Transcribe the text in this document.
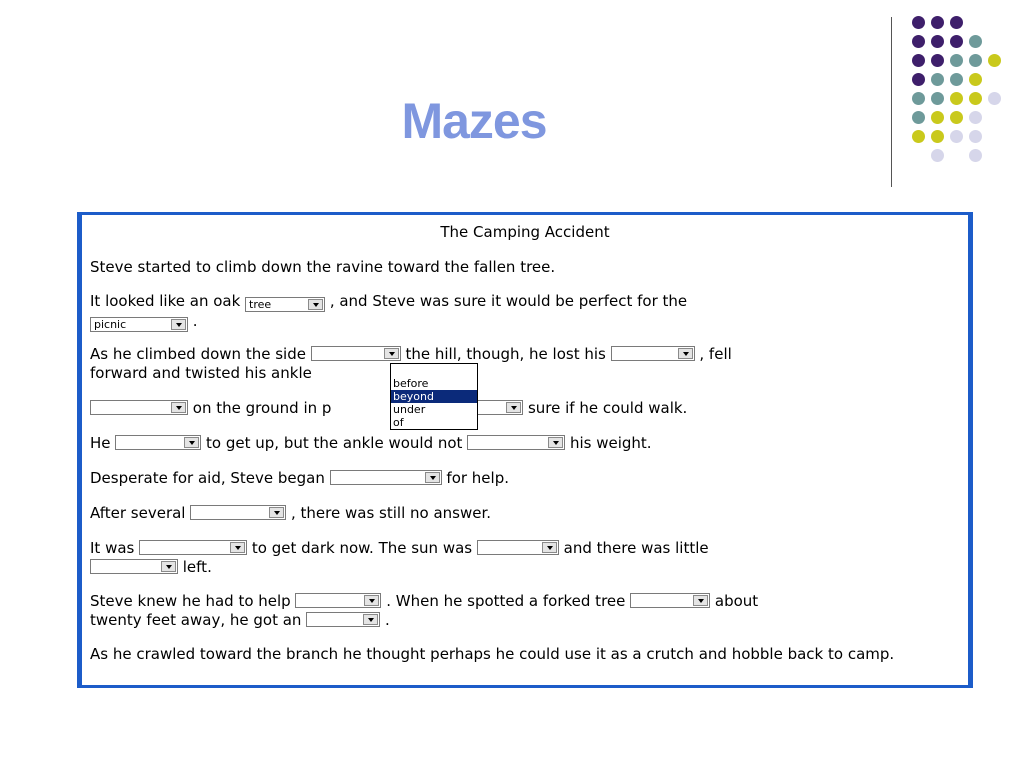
Mazes

The Camping Accident

Steve started to climb down the ravine toward the fallen tree.

It looked like an oak tree	, and Steve was sure it would be perfect for the
picnic	.

As he climbed down the side	the hill, though, he lost his	, fell
forward and twisted his ankle

on the ground in p	sure if he could walk.

He	to get up, but the ankle would not	his weight.

Desperate for aid, Steve began	for help.

After several	, there was still no answer.

It was	to get dark now. The sun was	and there was little

left.

Steve knew he had to help	. When he spotted a forked tree	about
twenty feet away, he got an	.

As he crawled toward the branch he thought perhaps he could use it as a crutch and hobble back to camp.

before
beyond
under
of
